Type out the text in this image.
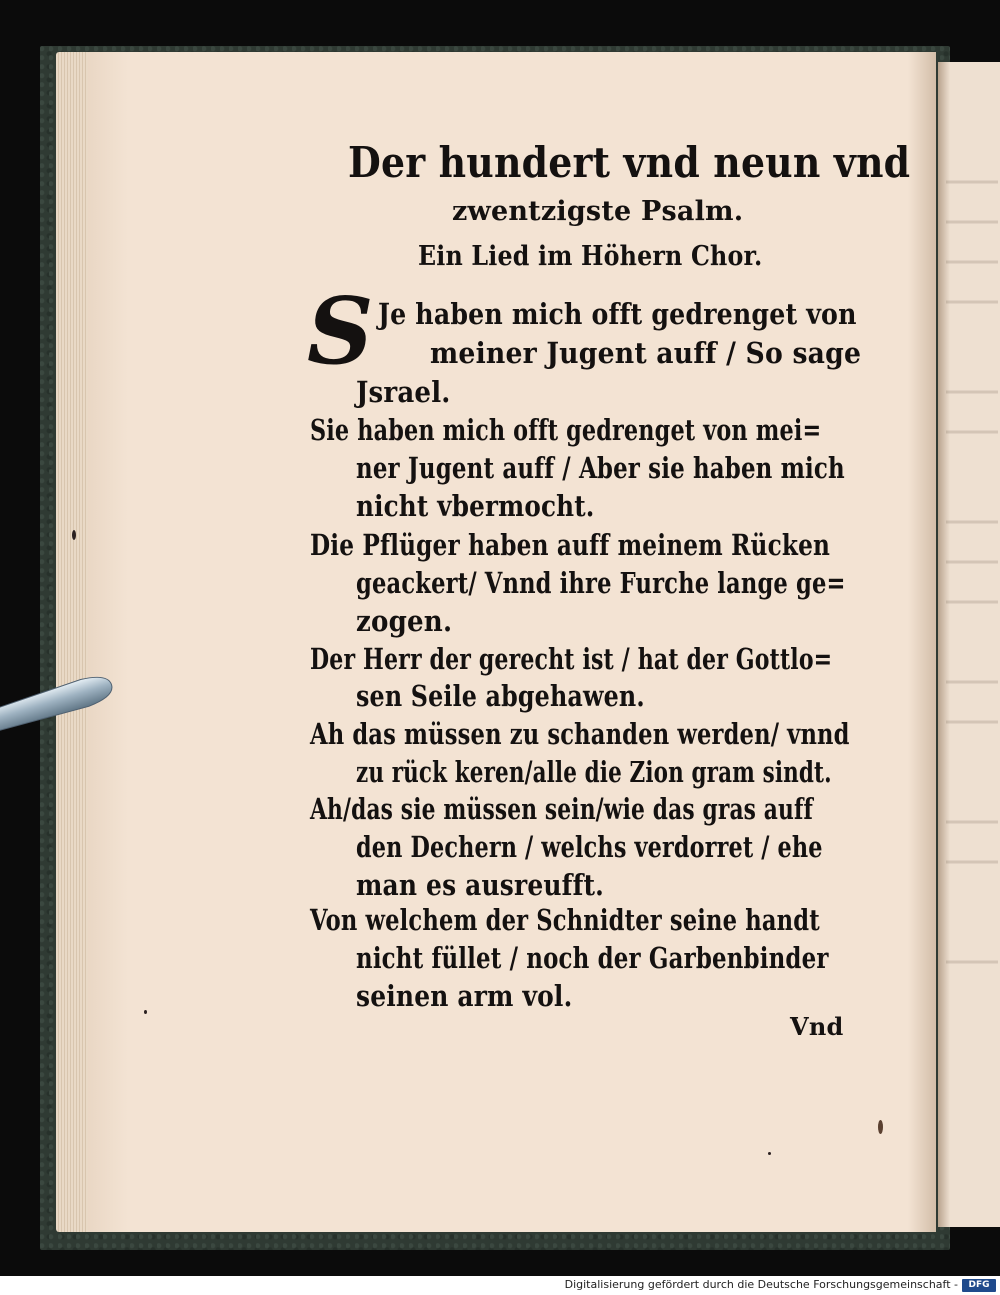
Der hundert vnd neun vnd
zwentzigste Psalm.
Ein Lied im Höhern Chor.
S Je haben mich offt gedrenget von
meiner Jugent auff / So sage
Jsrael.
Sie haben mich offt gedrenget von mei=
ner Jugent auff / Aber sie haben mich
nicht vbermocht.
Die Pflüger haben auff meinem Rücken
geackert/ Vnnd ihre Furche lange ge=
zogen.
Der Herr der gerecht ist / hat der Gottlo=
sen Seile abgehawen.
Ah das müssen zu schanden werden/ vnnd
zu rück keren/alle die Zion gram sindt.
Ah/das sie müssen sein/wie das gras auff
den Dechern / welchs verdorret / ehe
man es ausreufft.
Von welchem der Schnidter seine handt
nicht füllet / noch der Garbenbinder
seinen arm vol.
Vnd
Digitalisierung gefördert durch die Deutsche Forschungsgemeinschaft -	DFG
